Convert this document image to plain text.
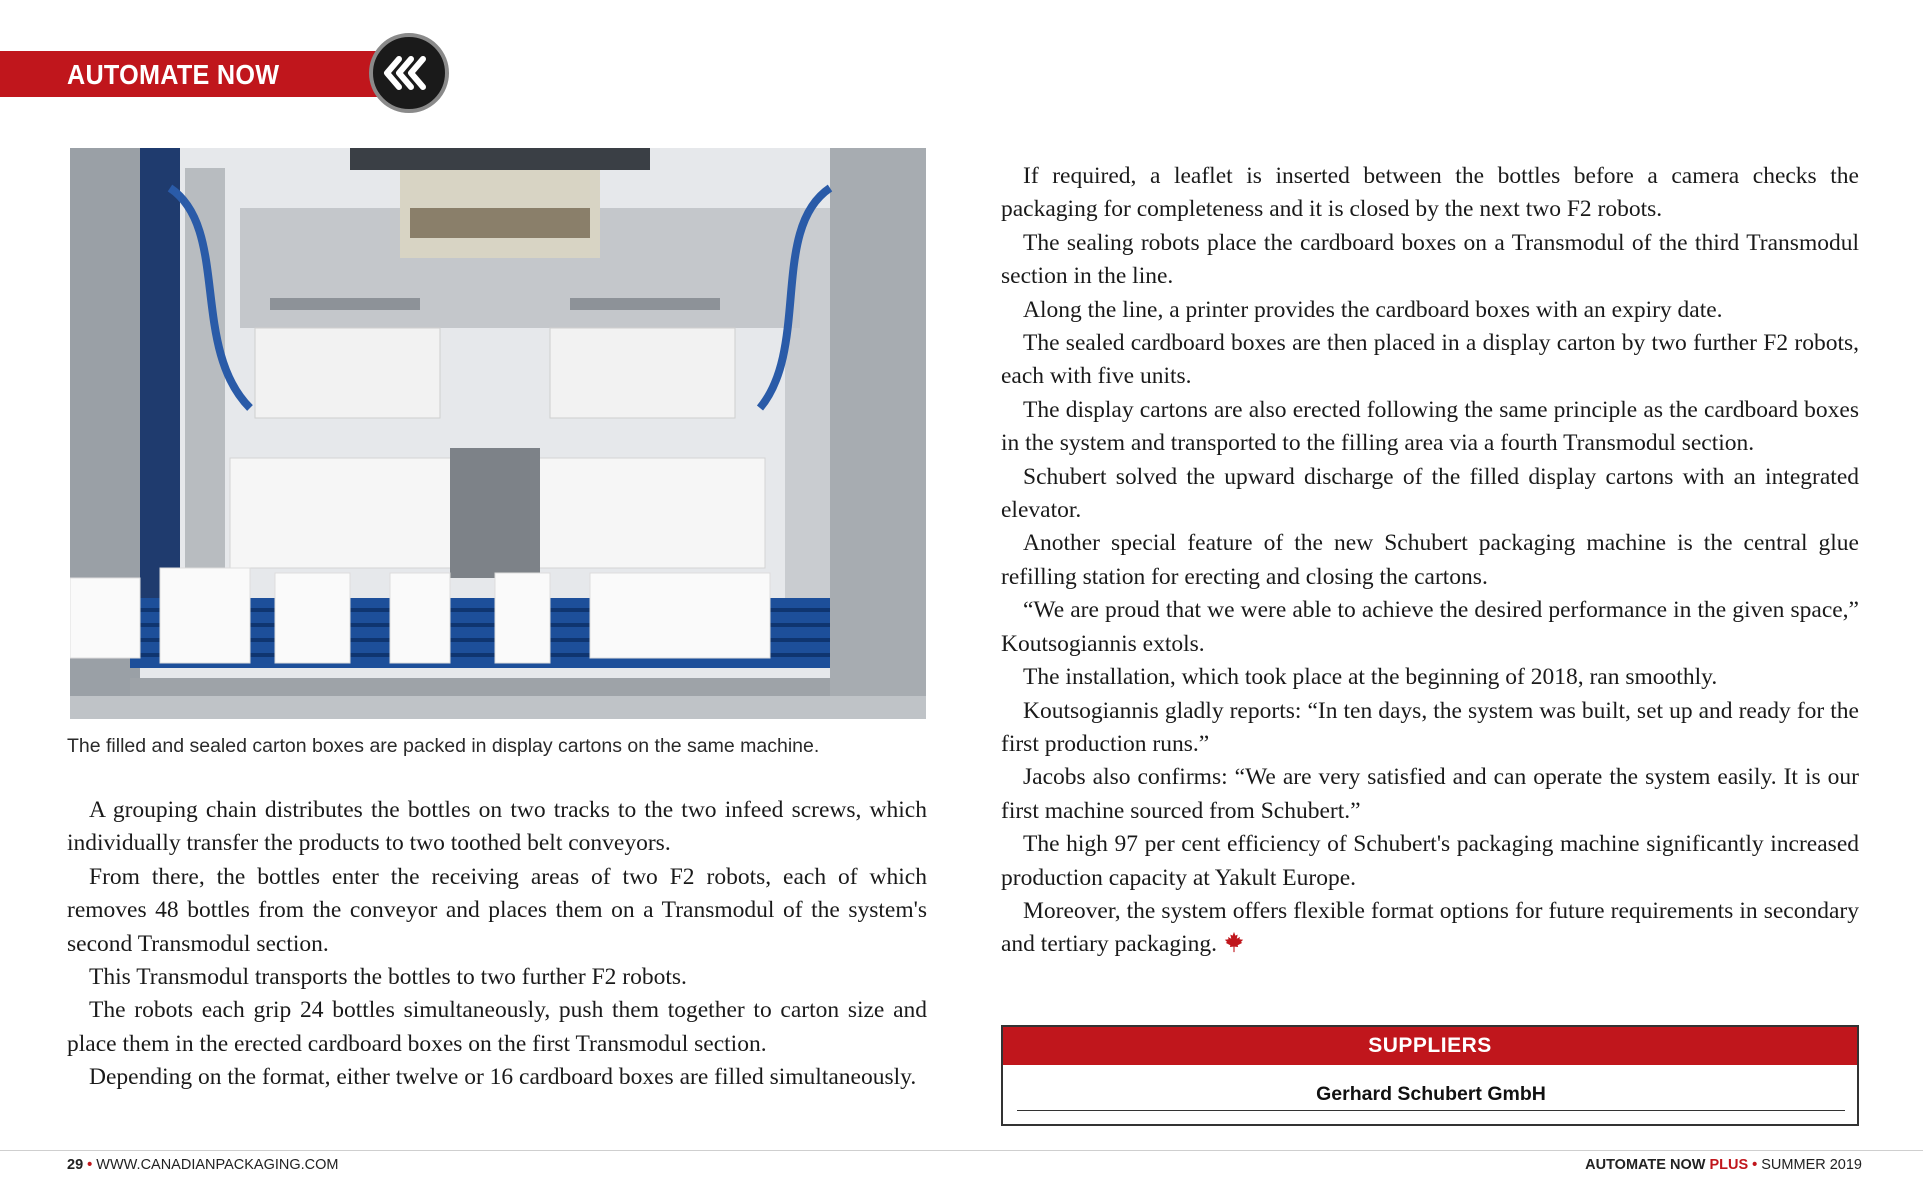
AUTOMATE NOW
The filled and sealed carton boxes are packed in display cartons on the same machine.

A grouping chain distributes the bottles on two tracks to the two infeed screws, which individually transfer the products to two toothed belt conveyors.

From there, the bottles enter the receiving areas of two F2 robots, each of which removes 48 bottles from the conveyor and places them on a Transmodul of the system's second Transmodul section.

This Transmodul transports the bottles to two further F2 robots.

The robots each grip 24 bottles simultaneously, push them together to carton size and place them in the erected cardboard boxes on the first Transmodul section.

Depending on the format, either twelve or 16 cardboard boxes are filled simultaneously.

If required, a leaflet is inserted between the bottles before a camera checks the packaging for completeness and it is closed by the next two F2 robots.

The sealing robots place the cardboard boxes on a Transmodul of the third Transmodul section in the line.

Along the line, a printer provides the cardboard boxes with an expiry date.

The sealed cardboard boxes are then placed in a display carton by two further F2 robots, each with five units.

The display cartons are also erected following the same principle as the cardboard boxes in the system and transported to the filling area via a fourth Transmodul section.

Schubert solved the upward discharge of the filled display cartons with an integrated elevator.

Another special feature of the new Schubert packaging machine is the central glue refilling station for erecting and closing the cartons.

“We are proud that we were able to achieve the desired performance in the given space,” Koutsogiannis extols.

The installation, which took place at the beginning of 2018, ran smoothly.

Koutsogiannis gladly reports: “In ten days, the system was built, set up and ready for the first production runs.”

Jacobs also confirms: “We are very satisfied and can operate the system easily. It is our first machine sourced from Schubert.”

The high 97 per cent efficiency of Schubert's packaging machine significantly increased production capacity at Yakult Europe.

Moreover, the system offers flexible format options for future requirements in secondary and tertiary packaging.

SUPPLIERS
Gerhard Schubert GmbH
29 • WWW.CANADIANPACKAGING.COM	AUTOMATE NOW PLUS • SUMMER 2019
